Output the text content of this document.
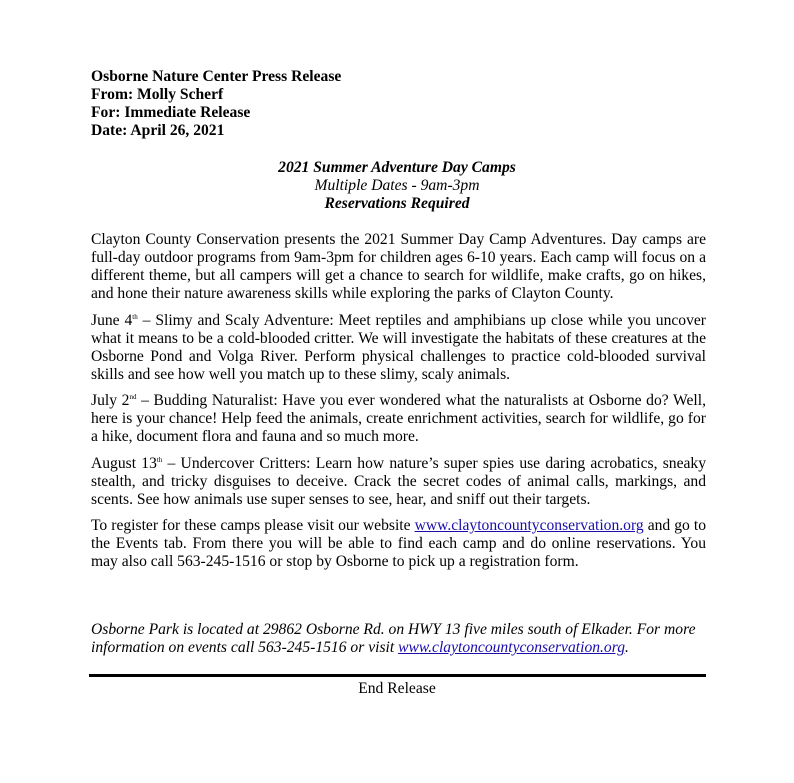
Osborne Nature Center Press Release
From: Molly Scherf
For: Immediate Release
Date: April 26, 2021
2021 Summer Adventure Day Camps
Multiple Dates - 9am-3pm
Reservations Required

Clayton County Conservation presents the 2021 Summer Day Camp Adventures. Day camps are full-day outdoor programs from 9am-3pm for children ages 6-10 years. Each camp will focus on a different theme, but all campers will get a chance to search for wildlife, make crafts, go on hikes, and hone their nature awareness skills while exploring the parks of Clayton County.

June 4th – Slimy and Scaly Adventure: Meet reptiles and amphibians up close while you uncover what it means to be a cold-blooded critter. We will investigate the habitats of these creatures at the Osborne Pond and Volga River. Perform physical challenges to practice cold-blooded survival skills and see how well you match up to these slimy, scaly animals.

July 2nd – Budding Naturalist: Have you ever wondered what the naturalists at Osborne do? Well, here is your chance! Help feed the animals, create enrichment activities, search for wildlife, go for a hike, document flora and fauna and so much more.

August 13th – Undercover Critters: Learn how nature’s super spies use daring acrobatics, sneaky stealth, and tricky disguises to deceive. Crack the secret codes of animal calls, markings, and scents. See how animals use super senses to see, hear, and sniff out their targets.

To register for these camps please visit our website www.claytoncountyconservation.org and go to the Events tab. From there you will be able to find each camp and do online reservations. You may also call 563-245-1516 or stop by Osborne to pick up a registration form.

Osborne Park is located at 29862 Osborne Rd. on HWY 13 five miles south of Elkader. For more information on events call 563-245-1516 or visit www.claytoncountyconservation.org.
End Release
